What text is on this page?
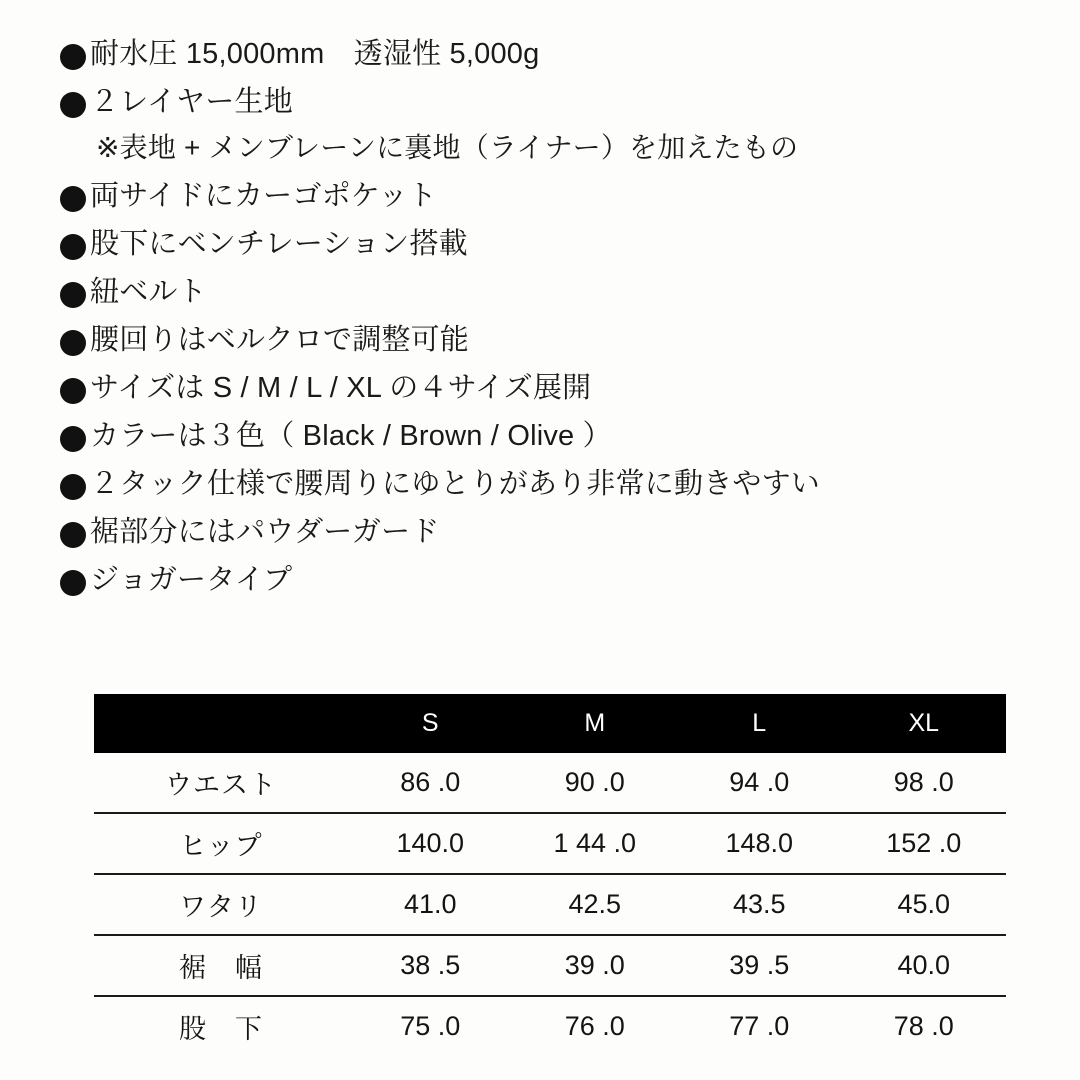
耐水圧 15,000mm　透湿性 5,000g
２レイヤー生地
※表地 + メンブレーンに裏地（ライナー）を加えたもの
両サイドにカーゴポケット
股下にベンチレーション搭載
紐ベルト
腰回りはベルクロで調整可能
サイズは S / M / L / XL の４サイズ展開
カラーは３色（ Black / Brown / Olive ）
２タック仕様で腰周りにゆとりがあり非常に動きやすい
裾部分にはパウダーガード
ジョガータイプ
	S	M	L	XL
ウエスト	86 .0	90 .0	94 .0	98 .0
ヒップ	140.0	1 44 .0	148.0	152 .0
ワタリ	41.0	42.5	43.5	45.0
裾　幅	38 .5	39 .0	39 .5	40.0
股　下	75 .0	76 .0	77 .0	78 .0
